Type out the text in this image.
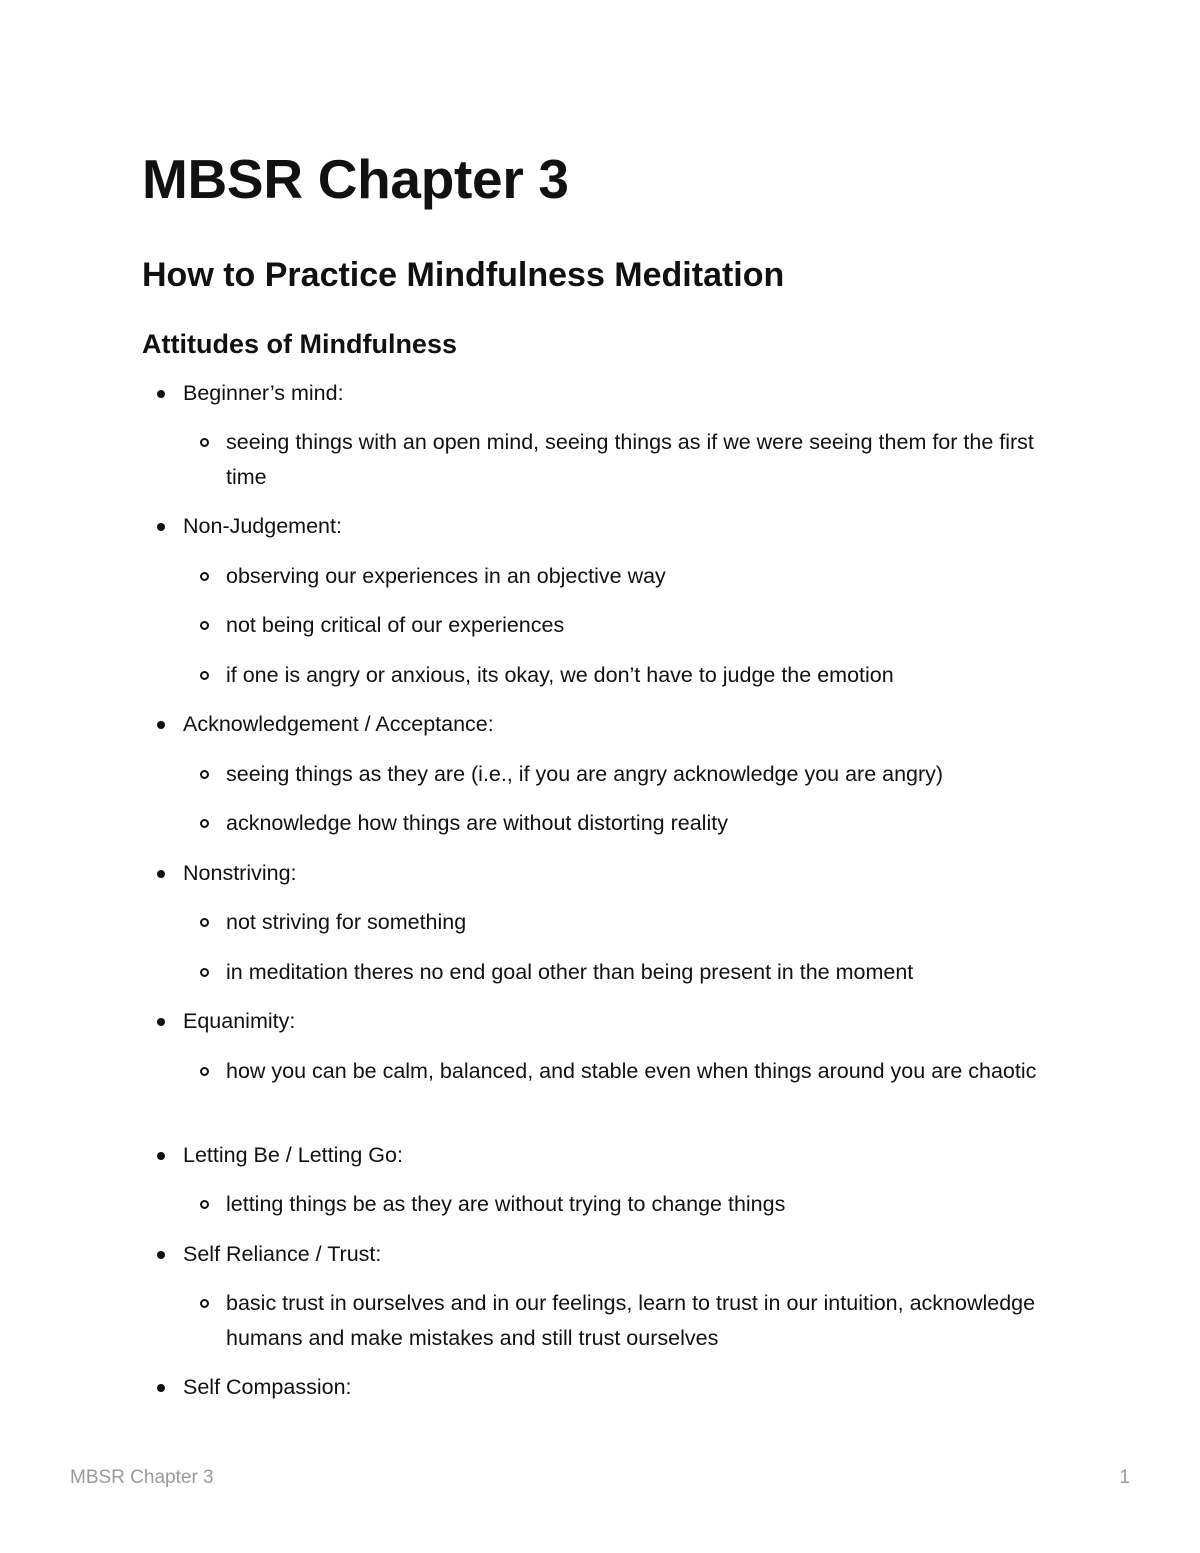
MBSR Chapter 3
How to Practice Mindfulness Meditation
Attitudes of Mindfulness
Beginner’s mind:
seeing things with an open mind, seeing things as if we were seeing them for the first time
Non-Judgement:
observing our experiences in an objective way
not being critical of our experiences
if one is angry or anxious, its okay, we don’t have to judge the emotion
Acknowledgement / Acceptance:
seeing things as they are (i.e., if you are angry acknowledge you are angry)
acknowledge how things are without distorting reality
Nonstriving:
not striving for something
in meditation theres no end goal other than being present in the moment
Equanimity:
how you can be calm, balanced, and stable even when things around you are chaotic
Letting Be / Letting Go:
letting things be as they are without trying to change things
Self Reliance / Trust:
basic trust in ourselves and in our feelings, learn to trust in our intuition, acknowledge humans and make mistakes and still trust ourselves
Self Compassion:
MBSR Chapter 3	1
